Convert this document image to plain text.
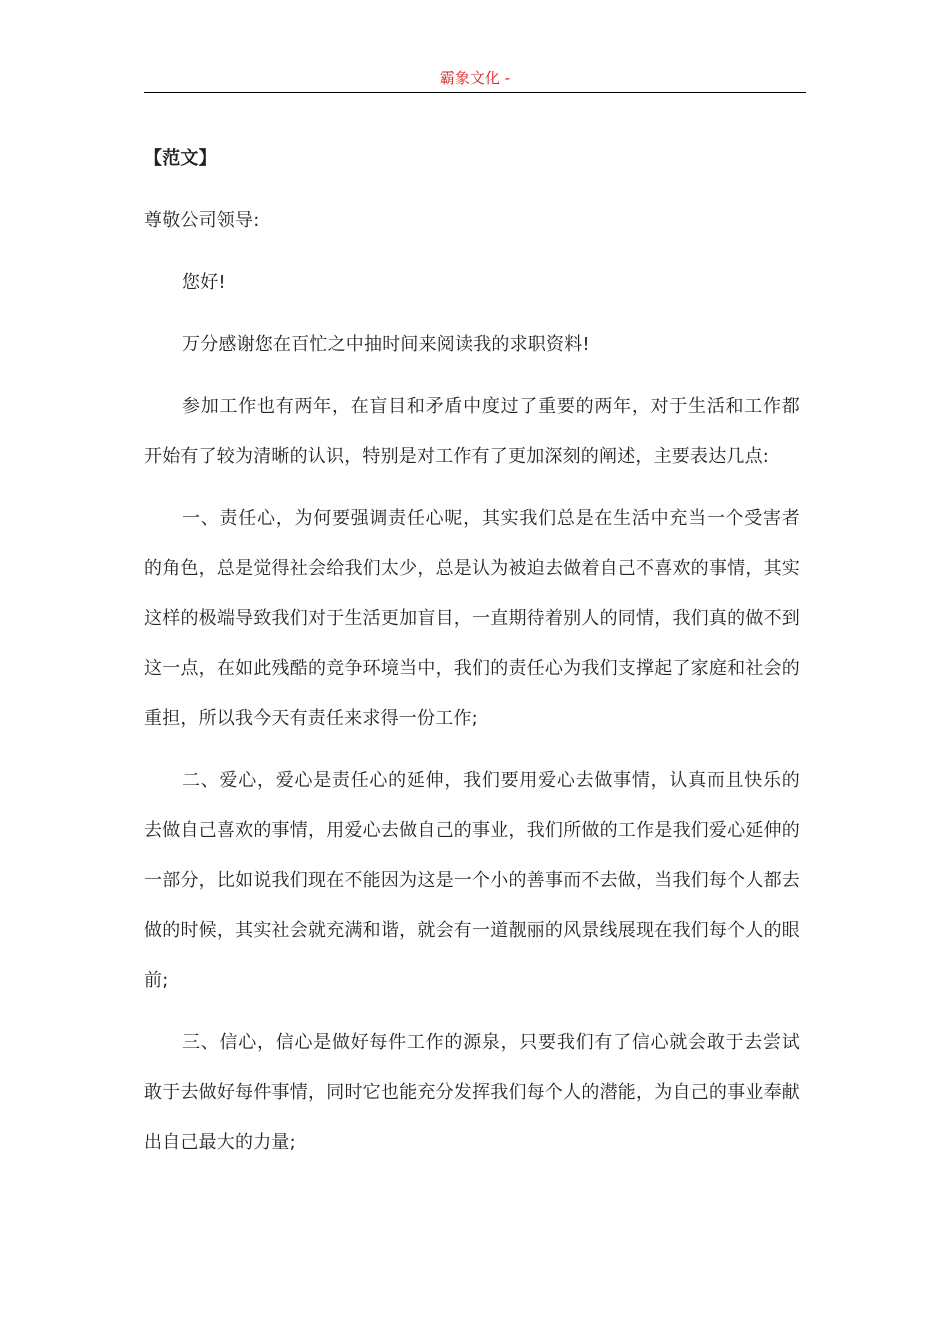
霸象文化 -

【范文】

尊敬公司领导:

您好!

万分感谢您在百忙之中抽时间来阅读我的求职资料!

参加工作也有两年，在盲目和矛盾中度过了重要的两年，对于生活和工作都开始有了较为清晰的认识，特别是对工作有了更加深刻的阐述，主要表达几点:

一、责任心，为何要强调责任心呢，其实我们总是在生活中充当一个受害者的角色，总是觉得社会给我们太少，总是认为被迫去做着自己不喜欢的事情，其实这样的极端导致我们对于生活更加盲目，一直期待着别人的同情，我们真的做不到这一点，在如此残酷的竞争环境当中，我们的责任心为我们支撑起了家庭和社会的重担，所以我今天有责任来求得一份工作;

二、爱心，爱心是责任心的延伸，我们要用爱心去做事情，认真而且快乐的去做自己喜欢的事情，用爱心去做自己的事业，我们所做的工作是我们爱心延伸的一部分，比如说我们现在不能因为这是一个小的善事而不去做，当我们每个人都去做的时候，其实社会就充满和谐，就会有一道靓丽的风景线展现在我们每个人的眼前;

三、信心，信心是做好每件工作的源泉，只要我们有了信心就会敢于去尝试敢于去做好每件事情，同时它也能充分发挥我们每个人的潜能，为自己的事业奉献出自己最大的力量;
